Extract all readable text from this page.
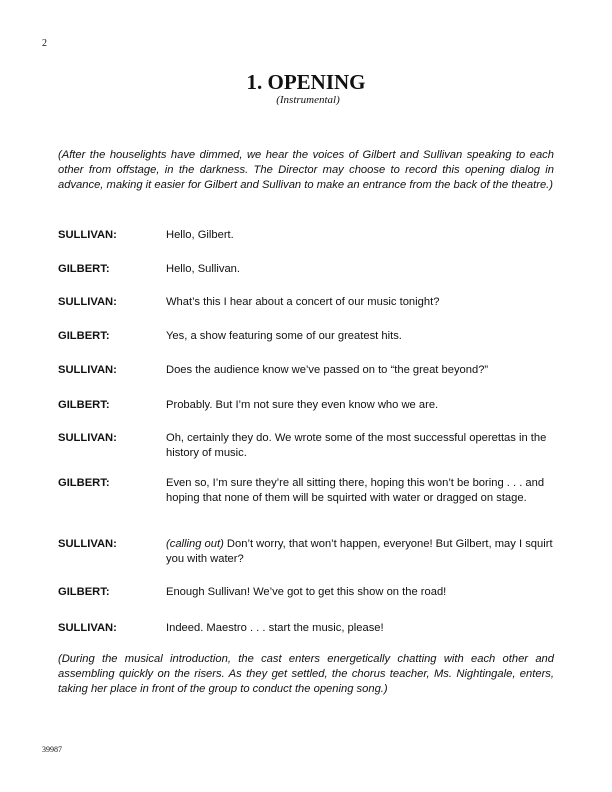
2
1. OPENING
(Instrumental)

(After the houselights have dimmed, we hear the voices of Gilbert and Sullivan speaking to each other from offstage, in the darkness. The Director may choose to record this opening dialog in advance, making it easier for Gilbert and Sullivan to make an entrance from the back of the theatre.)

SULLIVAN:	Hello, Gilbert.
GILBERT:	Hello, Sullivan.
SULLIVAN:	What’s this I hear about a concert of our music tonight?
GILBERT:	Yes, a show featuring some of our greatest hits.
SULLIVAN:	Does the audience know we’ve passed on to “the great beyond?”
GILBERT:	Probably. But I’m not sure they even know who we are.
SULLIVAN:	Oh, certainly they do. We wrote some of the most successful operettas in the history of music.
GILBERT:	Even so, I’m sure they’re all sitting there, hoping this won’t be boring . . . and hoping that none of them will be squirted with water or dragged on stage.
SULLIVAN:	(calling out) Don’t worry, that won’t happen, everyone! But Gilbert, may I squirt you with water?
GILBERT:	Enough Sullivan! We’ve got to get this show on the road!
SULLIVAN:	Indeed. Maestro . . . start the music, please!

(During the musical introduction, the cast enters energetically chatting with each other and assembling quickly on the risers. As they get settled, the chorus teacher, Ms. Nightingale, enters, taking her place in front of the group to conduct the opening song.)

39987
